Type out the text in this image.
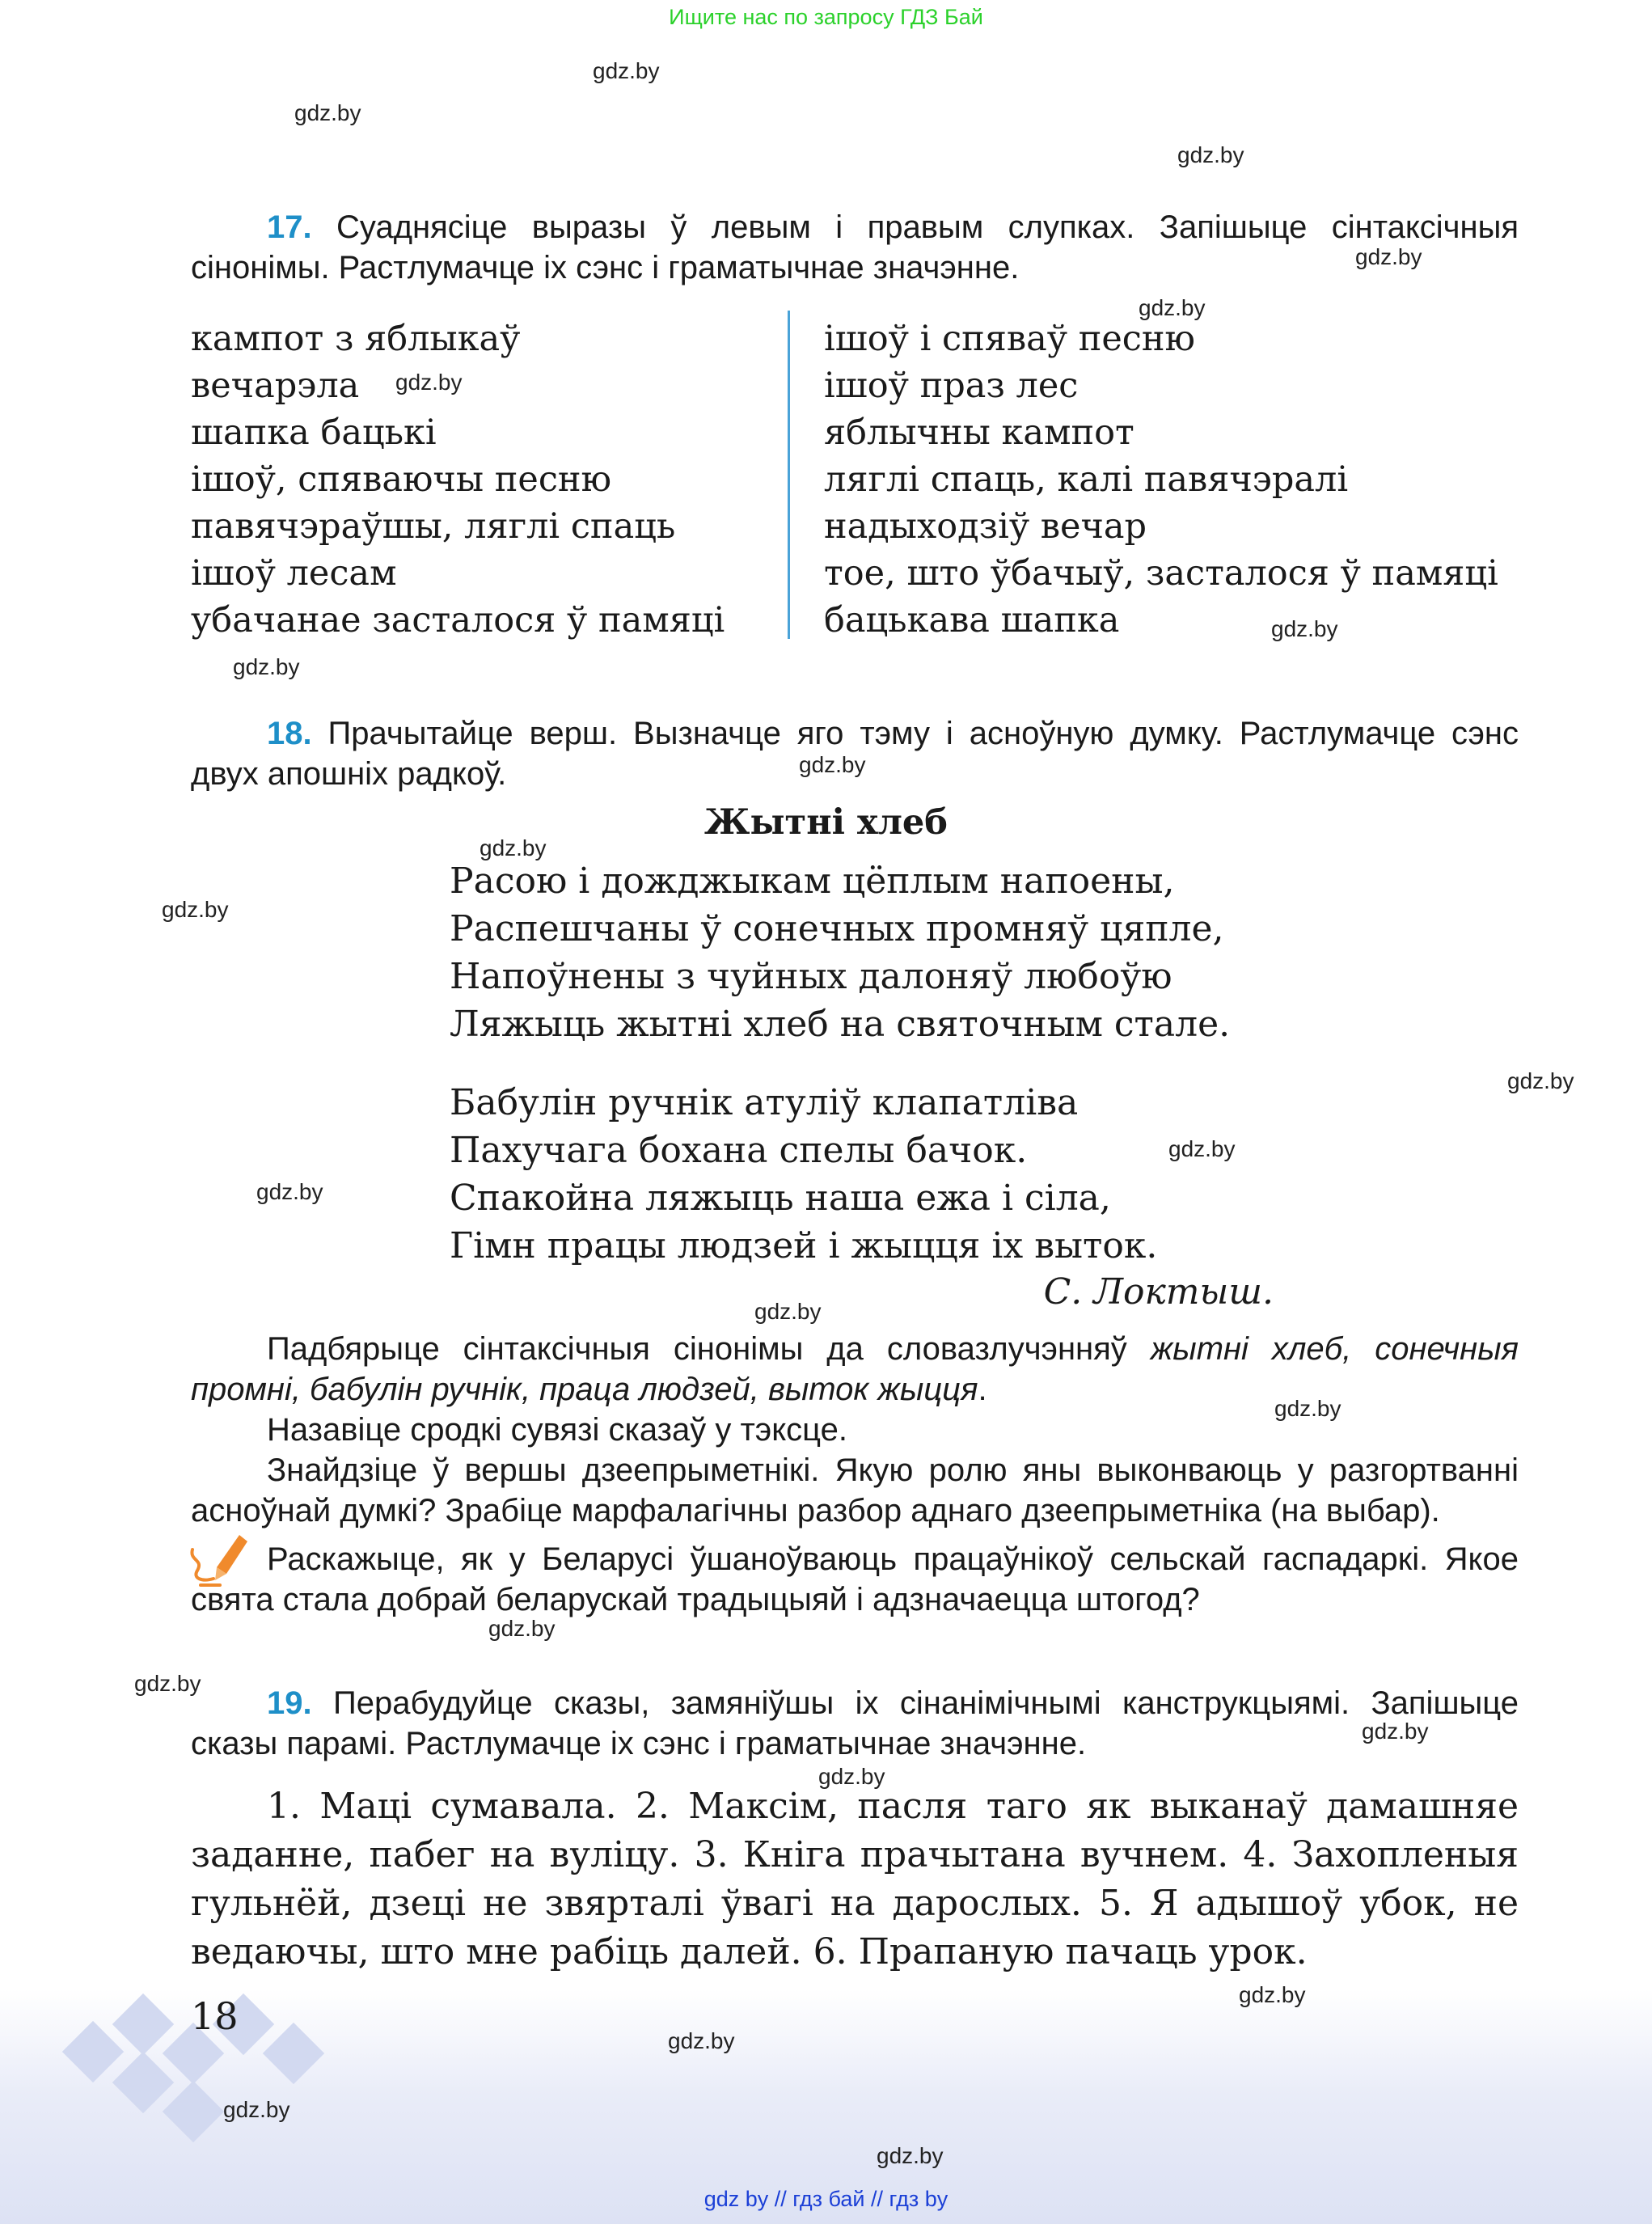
Ищите нас по запросу ГДЗ Бай
gdz.by
gdz.by
gdz.by
gdz.by
gdz.by
gdz.by
gdz.by
gdz.by
gdz.by
gdz.by
gdz.by
gdz.by
gdz.by
gdz.by
gdz.by
gdz.by
gdz.by
gdz.by
gdz.by
gdz.by

17. Суаднясіце выразы ў левым і правым слупках. Запішыце сінтаксічныя сінонімы. Растлумачце іх сэнс і граматычнае значэнне.

кампот з яблыкаў
вечарэла
шапка бацькі
ішоў, спяваючы песню
павячэраўшы, ляглі спаць
ішоў лесам
убачанае засталося ў памяці
ішоў і спяваў песню
ішоў праз лес
яблычны кампот
ляглі спаць, калі павячэралі
надыходзіў вечар
тое, што ўбачыў, засталося ў памяці
бацькава шапка

18. Прачытайце верш. Вызначце яго тэму і асноўную думку. Растлумачце сэнс двух апошніх радкоў.

Жытні хлеб
Расою і дожджыкам цёплым напоены,
Распешчаны ў сонечных промняў цяпле,
Напоўнены з чуйных далоняў любоўю
Ляжыць жытні хлеб на святочным стале.
Бабулін ручнік атуліў клапатліва
Пахучага бохана спелы бачок.
Спакойна ляжыць наша ежа і сіла,
Гімн працы людзей і жыцця іх выток.
С. Локтыш.

Падбярыце сінтаксічныя сінонімы да словазлучэнняў жытні хлеб, сонечныя промні, бабулін ручнік, праца людзей, выток жыцця.

Назавіце сродкі сувязі сказаў у тэксце.

Знайдзіце ў вершы дзеепрыметнікі. Якую ролю яны выконваюць у разгортванні асноўнай думкі? Зрабіце марфалагічны разбор аднаго дзеепрыметніка (на выбар).

Раскажыце, як у Беларусі ўшаноўваюць працаўнікоў сельскай гаспадаркі. Якое свята стала добрай беларускай традыцыяй і адзначаецца штогод?

19. Перабудуйце сказы, замяніўшы іх сінанімічнымі канструкцыямі. Запішыце сказы парамі. Растлумачце іх сэнс і граматычнае значэнне.

1. Маці сумавала. 2. Максім, пасля таго як выканаў дамашняе заданне, пабег на вуліцу. 3. Кніга прачытана вучнем. 4. Захопленыя гульнёй, дзеці не звярталі ўвагі на дарослых. 5. Я адышоў убок, не ведаючы, што мне рабіць далей. 6. Прапаную пачаць урок.

18
gdz.by
gdz.by
gdz.by
gdz.by
gdz by // гдз бай // гдз by
